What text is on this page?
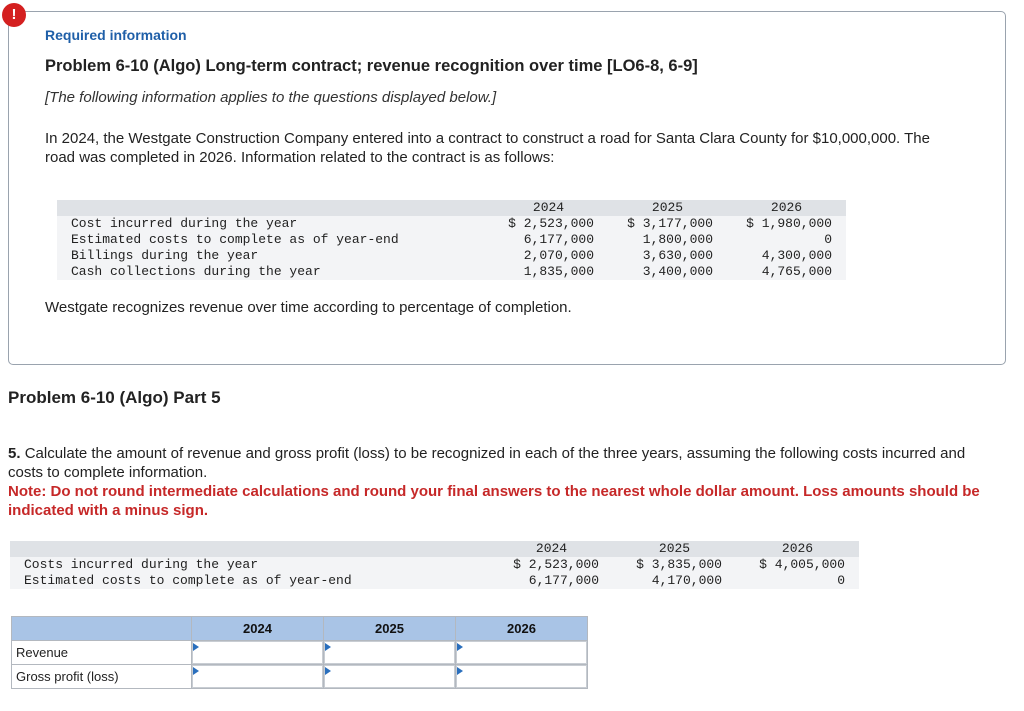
!
Required information
Problem 6-10 (Algo) Long-term contract; revenue recognition over time [LO6-8, 6-9]
[The following information applies to the questions displayed below.]
In 2024, the Westgate Construction Company entered into a contract to construct a road for Santa Clara County for $10,000,000. The road was completed in 2026. Information related to the contract is as follows:
	2024	2025	2026
Cost incurred during the year	$ 2,523,000	$ 3,177,000	$ 1,980,000
Estimated costs to complete as of year-end	6,177,000	1,800,000	0
Billings during the year	2,070,000	3,630,000	4,300,000
Cash collections during the year	1,835,000	3,400,000	4,765,000
Westgate recognizes revenue over time according to percentage of completion.
Problem 6-10 (Algo) Part 5
5. Calculate the amount of revenue and gross profit (loss) to be recognized in each of the three years, assuming the following costs incurred and costs to complete information.
Note: Do not round intermediate calculations and round your final answers to the nearest whole dollar amount. Loss amounts should be indicated with a minus sign.
	2024	2025	2026
Costs incurred during the year	$ 2,523,000	$ 3,835,000	$ 4,005,000
Estimated costs to complete as of year-end	6,177,000	4,170,000	0
	2024	2025	2026
Revenue	

Gross profit (loss)	
